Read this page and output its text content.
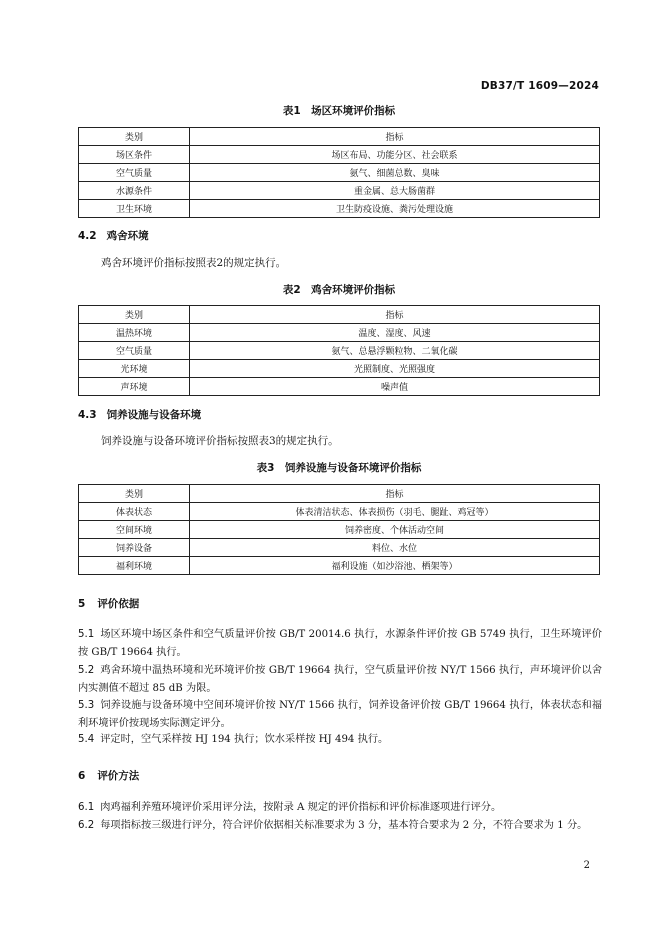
DB37/T 1609—2024
表1　场区环境评价指标
类别	指标
场区条件	场区布局、功能分区、社会联系
空气质量	氨气、细菌总数、臭味
水源条件	重金属、总大肠菌群
卫生环境	卫生防疫设施、粪污处理设施
4.2 鸡舍环境
鸡舍环境评价指标按照表2的规定执行。
表2　鸡舍环境评价指标
类别	指标
温热环境	温度、湿度、风速
空气质量	氨气、总悬浮颗粒物、二氧化碳
光环境	光照制度、光照强度
声环境	噪声值
4.3 饲养设施与设备环境
饲养设施与设备环境评价指标按照表3的规定执行。
表3　饲养设施与设备环境评价指标
类别	指标
体表状态	体表清洁状态、体表损伤（羽毛、腿趾、鸡冠等）
空间环境	饲养密度、个体活动空间
饲养设备	料位、水位
福利环境	福利设施（如沙浴池、栖架等）
5 评价依据
5.1 场区环境中场区条件和空气质量评价按 GB/T 20014.6 执行，水源条件评价按 GB 5749 执行，卫生环境评价按 GB/T 19664 执行。
5.2 鸡舍环境中温热环境和光环境评价按 GB/T 19664 执行，空气质量评价按 NY/T 1566 执行，声环境评价以舍内实测值不超过 85 dB 为限。
5.3 饲养设施与设备环境中空间环境评价按 NY/T 1566 执行，饲养设备评价按 GB/T 19664 执行，体表状态和福利环境评价按现场实际测定评分。
5.4 评定时，空气采样按 HJ 194 执行；饮水采样按 HJ 494 执行。
6 评价方法
6.1 肉鸡福利养殖环境评价采用评分法，按附录 A 规定的评价指标和评价标准逐项进行评分。
6.2 每项指标按三级进行评分，符合评价依据相关标准要求为 3 分，基本符合要求为 2 分，不符合要求为 1 分。
2
